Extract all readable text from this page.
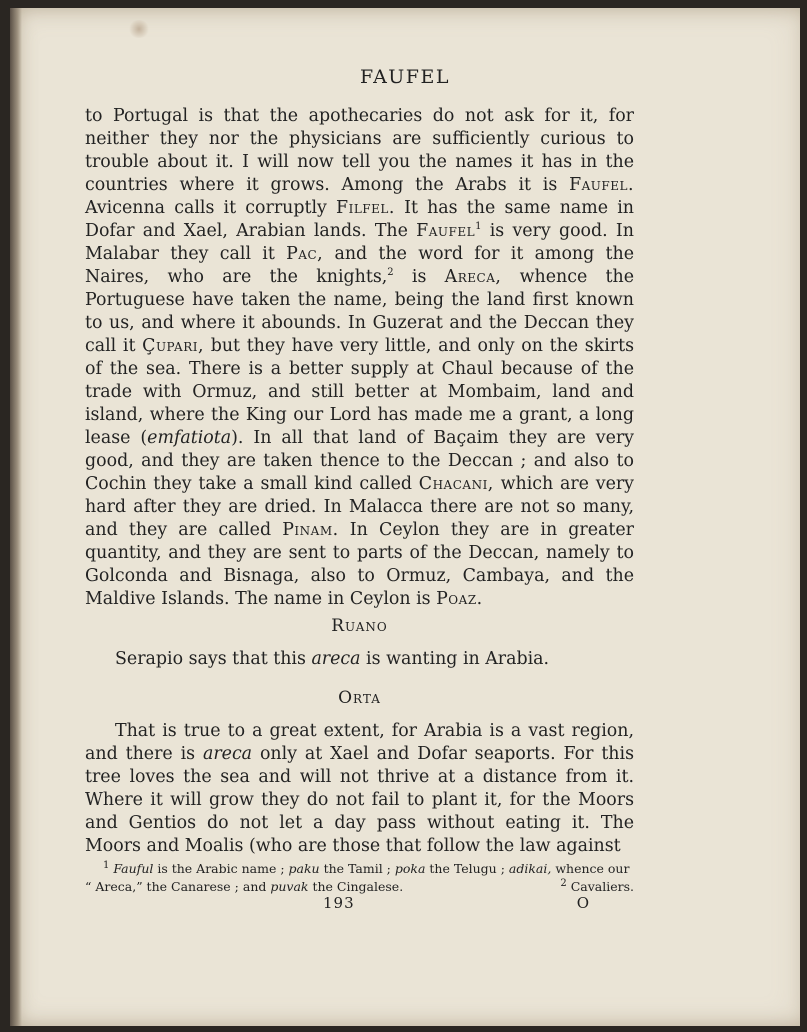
FAUFEL

to Portugal is that the apothecaries do not ask for it, for neither they nor the physicians are sufficiently curious to trouble about it. I will now tell you the names it has in the countries where it grows. Among the Arabs it is Faufel. Avicenna calls it corruptly Filfel. It has the same name in Dofar and Xael, Arabian lands. The Faufel$^1$ is very good. In Malabar they call it Pac, and the word for it among the Naires, who are the knights,$^2$ is Areca, whence the Portuguese have taken the name, being the land first known to us, and where it abounds. In Guzerat and the Deccan they call it Çupari, but they have very little, and only on the skirts of the sea. There is a better supply at Chaul because of the trade with Ormuz, and still better at Mombaim, land and island, where the King our Lord has made me a grant, a long lease (emfatiota). In all that land of Baçaim they are very good, and they are taken thence to the Deccan ; and also to Cochin they take a small kind called Chacani, which are very hard after they are dried. In Malacca there are not so many, and they are called Pinam. In Ceylon they are in greater quantity, and they are sent to parts of the Deccan, namely to Golconda and Bisnaga, also to Ormuz, Cambaya, and the Maldive Islands. The name in Ceylon is Poaz.

Ruano

Serapio says that this areca is wanting in Arabia.

Orta

That is true to a great extent, for Arabia is a vast region, and there is areca only at Xael and Dofar seaports. For this tree loves the sea and will not thrive at a distance from it. Where it will grow they do not fail to plant it, for the Moors and Gentios do not let a day pass without eating it. The Moors and Moalis (who are those that follow the law against

$^1$ Fauful is the Arabic name ; paku the Tamil ; poka the Telugu ; adikai, whence our
“ Areca,” the Canarese ; and puvak the Cingalese.	$^2$ Cavaliers.
193	O
